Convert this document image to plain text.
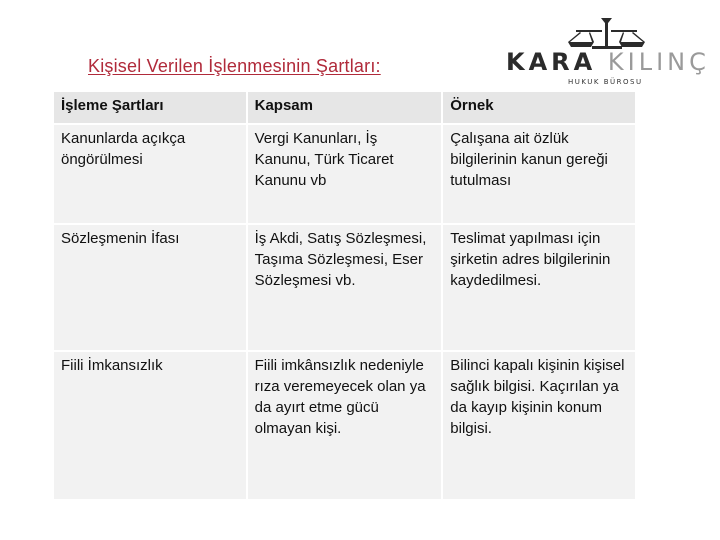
Kişisel Verilen İşlenmesinin Şartları:	KARA KILINÇ
HUKUK BÜROSU
İşleme Şartları	Kapsam	Örnek
Kanunlarda açıkça öngörülmesi	Vergi Kanunları, İş Kanunu, Türk Ticaret Kanunu vb	Çalışana ait özlük bilgilerinin kanun gereği tutulması
Sözleşmenin İfası	İş Akdi, Satış Sözleşmesi, Taşıma Sözleşmesi, Eser Sözleşmesi vb.	Teslimat yapılması için şirketin adres bilgilerinin kaydedilmesi.
Fiili İmkansızlık	Fiili imkânsızlık nedeniyle rıza veremeyecek olan ya da ayırt etme gücü olmayan kişi.	Bilinci kapalı kişinin kişisel sağlık bilgisi. Kaçırılan ya da kayıp kişinin konum bilgisi.
